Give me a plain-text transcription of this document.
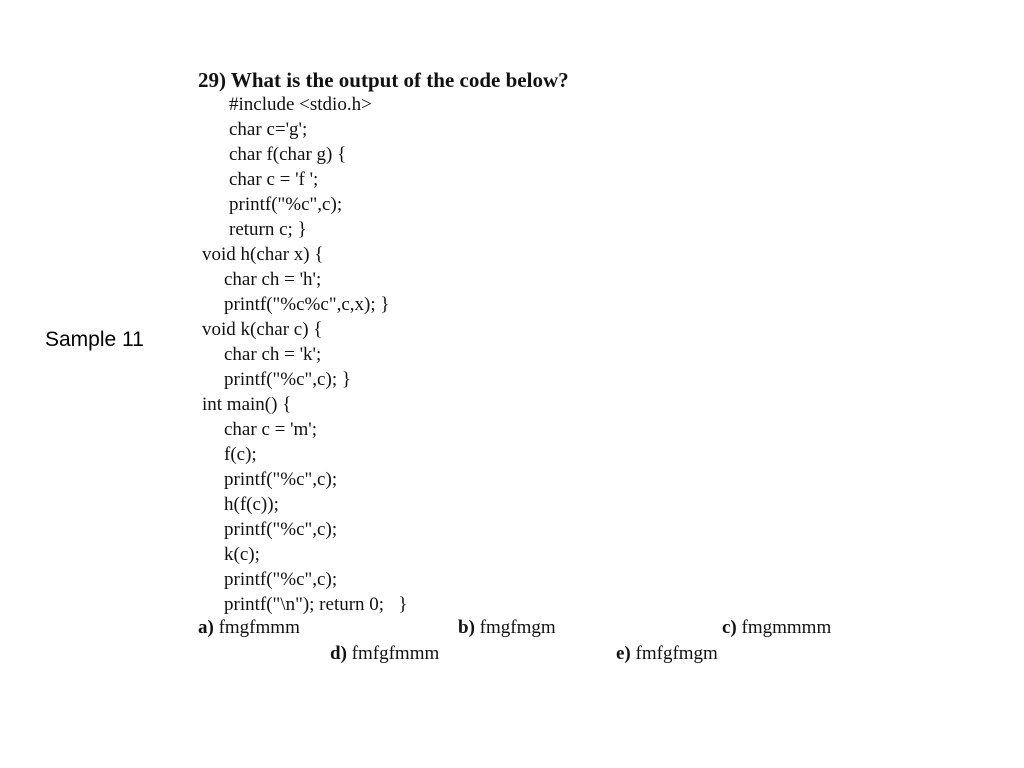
Sample 11
29) What is the output of the code below?
#include <stdio.h>
char c='g';
char f(char g) {
char c = 'f ';
printf("%c",c);
return c; }
void h(char x) {
char ch = 'h';
printf("%c%c",c,x); }
void k(char c) {
char ch = 'k';
printf("%c",c); }
int main() {
char c = 'm';
f(c);
printf("%c",c);
h(f(c));
printf("%c",c);
k(c);
printf("%c",c);
printf("\n"); return 0;   }
a) fmgfmmm	b) fmgfmgm	c) fmgmmmm
d) fmfgfmmm	e) fmfgfmgm
